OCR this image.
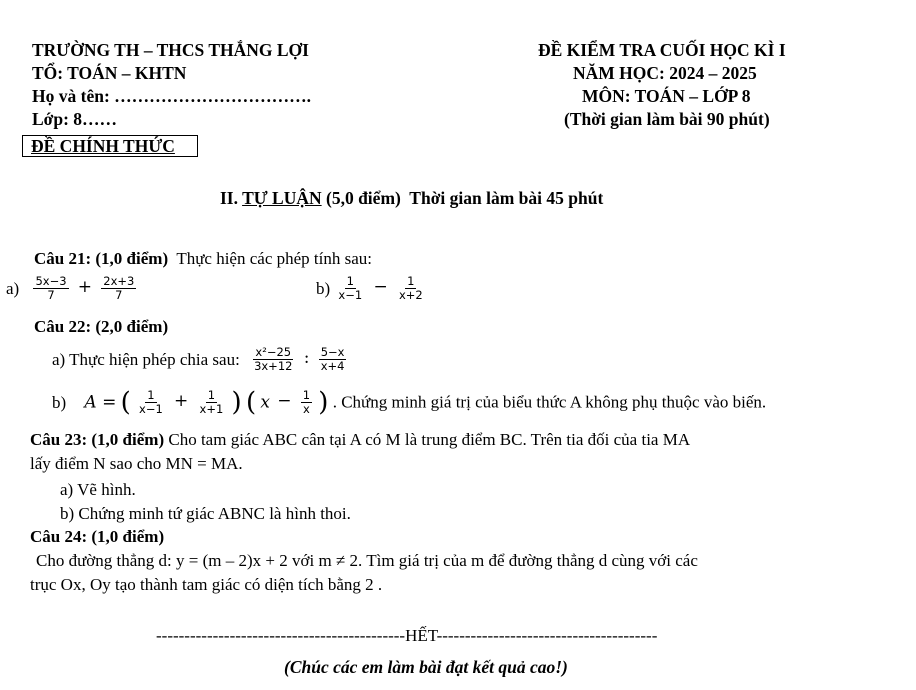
TRƯỜNG TH – THCS THẮNG LỢI
TỔ: TOÁN – KHTN
Họ và tên: …………………………….
Lớp: 8……
ĐỀ CHÍNH THỨC
ĐỀ KIỂM TRA CUỐI HỌC KÌ I
NĂM HỌC: 2024 – 2025
MÔN: TOÁN – LỚP 8
(Thời gian làm bài 90 phút)
II. TỰ LUẬN (5,0 điểm) Thời gian làm bài 45 phút
Câu 21: (1,0 điểm) Thực hiện các phép tính sau:
$a) \frac{5x-3}{7} + \frac{2x+3}{7}$	$b) \frac{1}{x-1} - \frac{1}{x+2}$
Câu 22: (2,0 điểm)
a) Thực hiện phép chia sau: $\frac{\text{x²−25}}{3x+12}$ : $\frac{5-x}{x+4}$
b) A = ( $\frac{1}{x-1} + \frac{1}{x+1}$ ) ( $x - \frac{1}{x}$ ) . Chứng minh giá trị của biểu thức A không phụ thuộc vào biến.
Câu 23: (1,0 điểm) Cho tam giác ABC cân tại A có M là trung điểm BC. Trên tia đối của tia MA
lấy điểm N sao cho MN = MA.
a) Vẽ hình.
b) Chứng minh tứ giác ABNC là hình thoi.
Câu 24: (1,0 điểm)
Cho đường thẳng d: y = (m – 2)x + 2 với m ≠ 2. Tìm giá trị của m để đường thẳng d cùng với các
trục Ox, Oy tạo thành tam giác có diện tích bằng 2 .
--------------------------------------------HẾT---------------------------------------
(Chúc các em làm bài đạt kết quả cao!)
